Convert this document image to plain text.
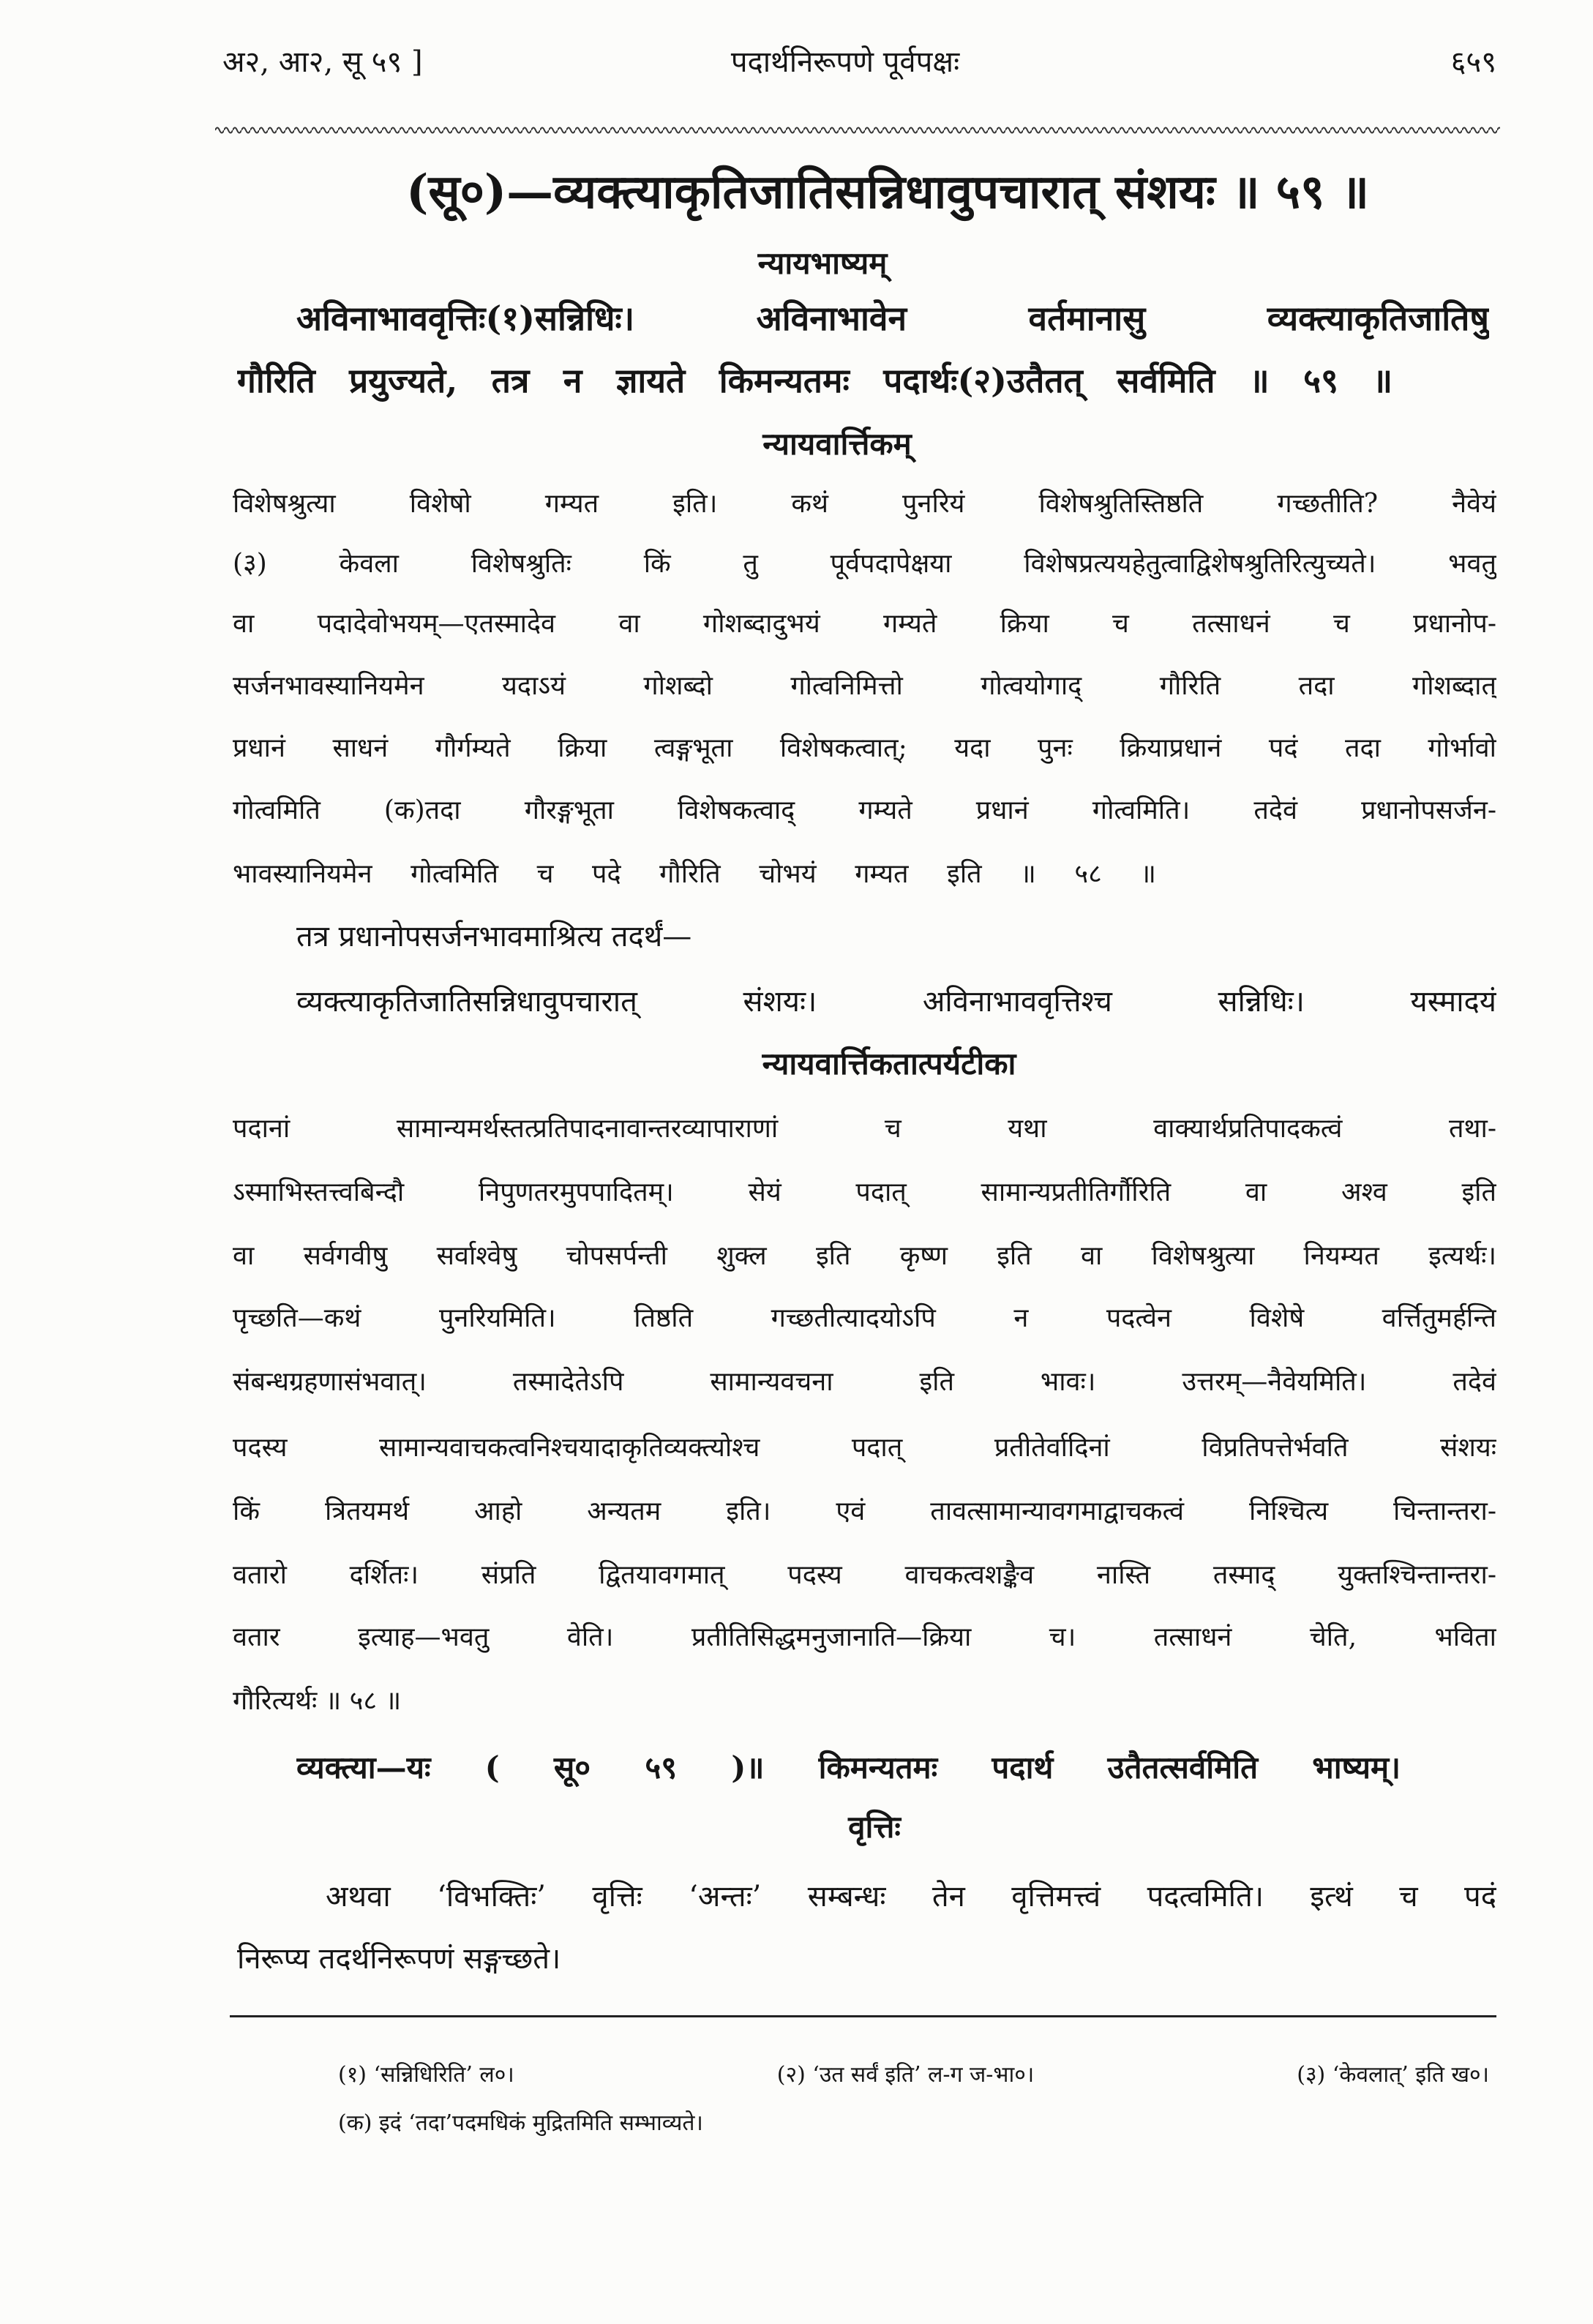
अ२, आ२, सू ५९ ]	पदार्थनिरूपणे पूर्वपक्षः	६५९
(सू०)—व्यक्त्याकृतिजातिसन्निधावुपचारात् संशयः ॥ ५९ ॥
न्यायभाष्यम्
अविनाभाववृत्तिः(१)सन्निधिः। अविनाभावेन वर्तमानासु व्यक्त्याकृतिजातिषु
गौरिति प्रयुज्यते, तत्र न ज्ञायते किमन्यतमः पदार्थः(२)उतैतत् सर्वमिति ॥ ५९ ॥
न्यायवार्त्तिकम्
विशेषश्रुत्या विशेषो गम्यत इति। कथं पुनरियं विशेषश्रुतिस्तिष्ठति गच्छतीति? नैवेयं
(३) केवला विशेषश्रुतिः किं तु पूर्वपदापेक्षया विशेषप्रत्ययहेतुत्वाद्विशेषश्रुतिरित्युच्यते। भवतु
वा पदादेवोभयम्—एतस्मादेव वा गोशब्दादुभयं गम्यते क्रिया च तत्साधनं च प्रधानोप-
सर्जनभावस्यानियमेन यदाऽयं गोशब्दो गोत्वनिमित्तो गोत्वयोगाद् गौरिति तदा गोशब्दात्
प्रधानं साधनं गौर्गम्यते क्रिया त्वङ्गभूता विशेषकत्वात्; यदा पुनः क्रियाप्रधानं पदं तदा गोर्भावो
गोत्वमिति (क)तदा गौरङ्गभूता विशेषकत्वाद् गम्यते प्रधानं गोत्वमिति। तदेवं प्रधानोपसर्जन-
भावस्यानियमेन गोत्वमिति च पदे गौरिति चोभयं गम्यत इति ॥ ५८ ॥
तत्र प्रधानोपसर्जनभावमाश्रित्य तदर्थं—
व्यक्त्याकृतिजातिसन्निधावुपचारात् संशयः। अविनाभाववृत्तिश्च सन्निधिः। यस्मादयं
न्यायवार्त्तिकतात्पर्यटीका
पदानां सामान्यमर्थस्तत्प्रतिपादनावान्तरव्यापाराणां च यथा वाक्यार्थप्रतिपादकत्वं तथा-
ऽस्माभिस्तत्त्वबिन्दौ निपुणतरमुपपादितम्। सेयं पदात् सामान्यप्रतीतिर्गौरिति वा अश्व इति
वा सर्वगवीषु सर्वाश्वेषु चोपसर्पन्ती शुक्ल इति कृष्ण इति वा विशेषश्रुत्या नियम्यत इत्यर्थः।
पृच्छति—कथं पुनरियमिति। तिष्ठति गच्छतीत्यादयोऽपि न पदत्वेन विशेषे वर्त्तितुमर्हन्ति
संबन्धग्रहणासंभवात्। तस्मादेतेऽपि सामान्यवचना इति भावः। उत्तरम्—नैवेयमिति। तदेवं
पदस्य सामान्यवाचकत्वनिश्चयादाकृतिव्यक्त्योश्च पदात् प्रतीतेर्वादिनां विप्रतिपत्तेर्भवति संशयः
किं त्रितयमर्थ आहो अन्यतम इति। एवं तावत्सामान्यावगमाद्वाचकत्वं निश्चित्य चिन्तान्तरा-
वतारो दर्शितः। संप्रति द्वितयावगमात् पदस्य वाचकत्वशङ्कैव नास्ति तस्माद् युक्तश्चिन्तान्तरा-
वतार इत्याह—भवतु वेति। प्रतीतिसिद्धमनुजानाति—क्रिया च। तत्साधनं चेति, भविता
गौरित्यर्थः ॥ ५८ ॥
व्यक्त्या—यः ( सू० ५९ )॥ किमन्यतमः पदार्थ उतैतत्सर्वमिति भाष्यम्।
वृत्तिः
अथवा ‘विभक्तिः’ वृत्तिः ‘अन्तः’ सम्बन्धः तेन वृत्तिमत्त्वं पदत्वमिति। इत्थं च पदं
निरूप्य तदर्थनिरूपणं सङ्गच्छते।
(१) ‘सन्निधिरिति’ ल०।	(२) ‘उत सर्वं इति’ ल-ग ज-भा०।	(३) ‘केवलात्’ इति ख०।
(क) इदं ‘तदा’पदमधिकं मुद्रितमिति सम्भाव्यते।
